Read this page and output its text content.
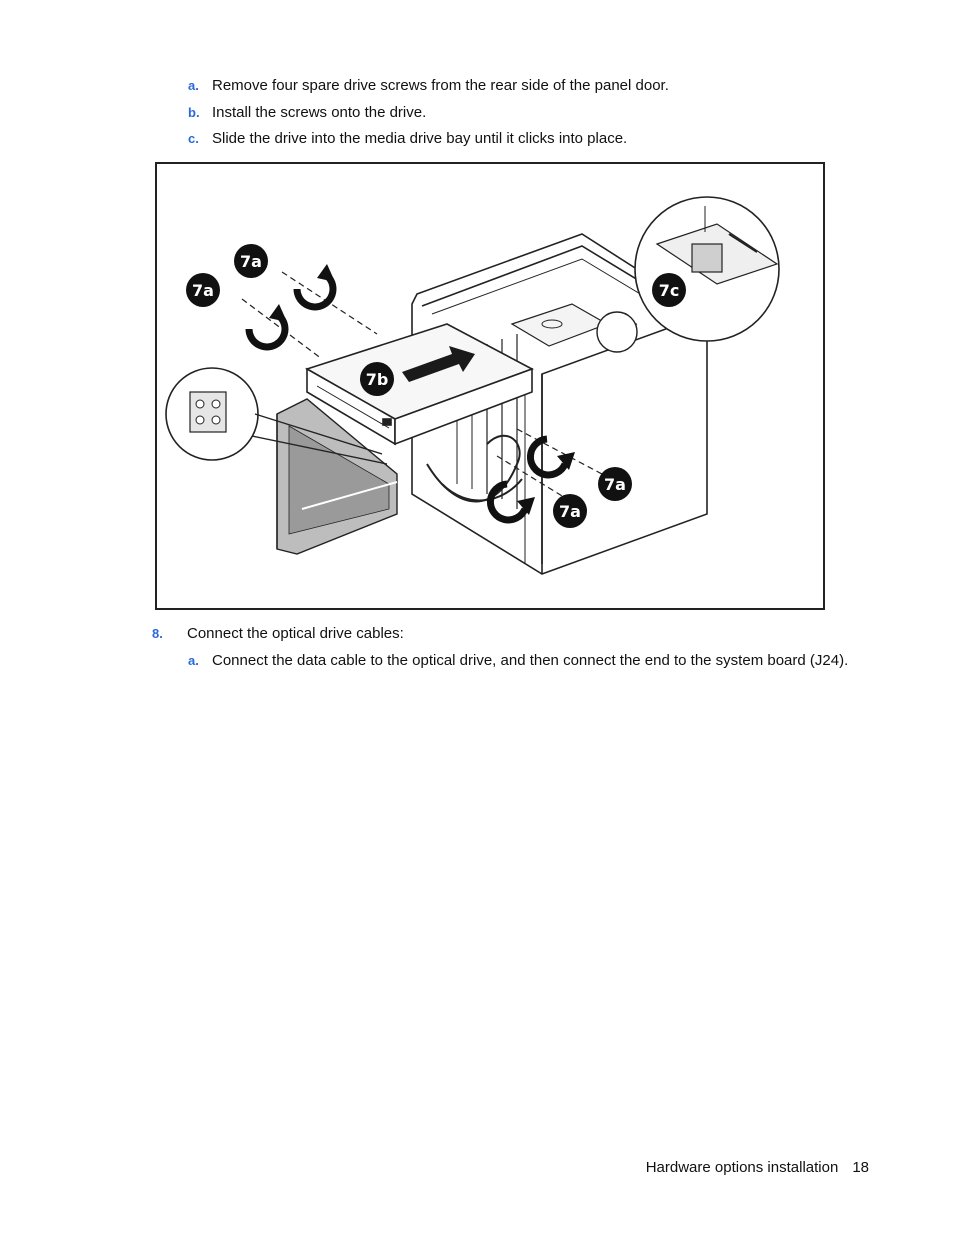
a. Remove four spare drive screws from the rear side of the panel door.
b. Install the screws onto the drive.
c. Slide the drive into the media drive bay until it clicks into place.
7a
7a
7b
7c
7a
7a
8. Connect the optical drive cables:
a. Connect the data cable to the optical drive, and then connect the end to the system board (J24).
Hardware options installation 18
